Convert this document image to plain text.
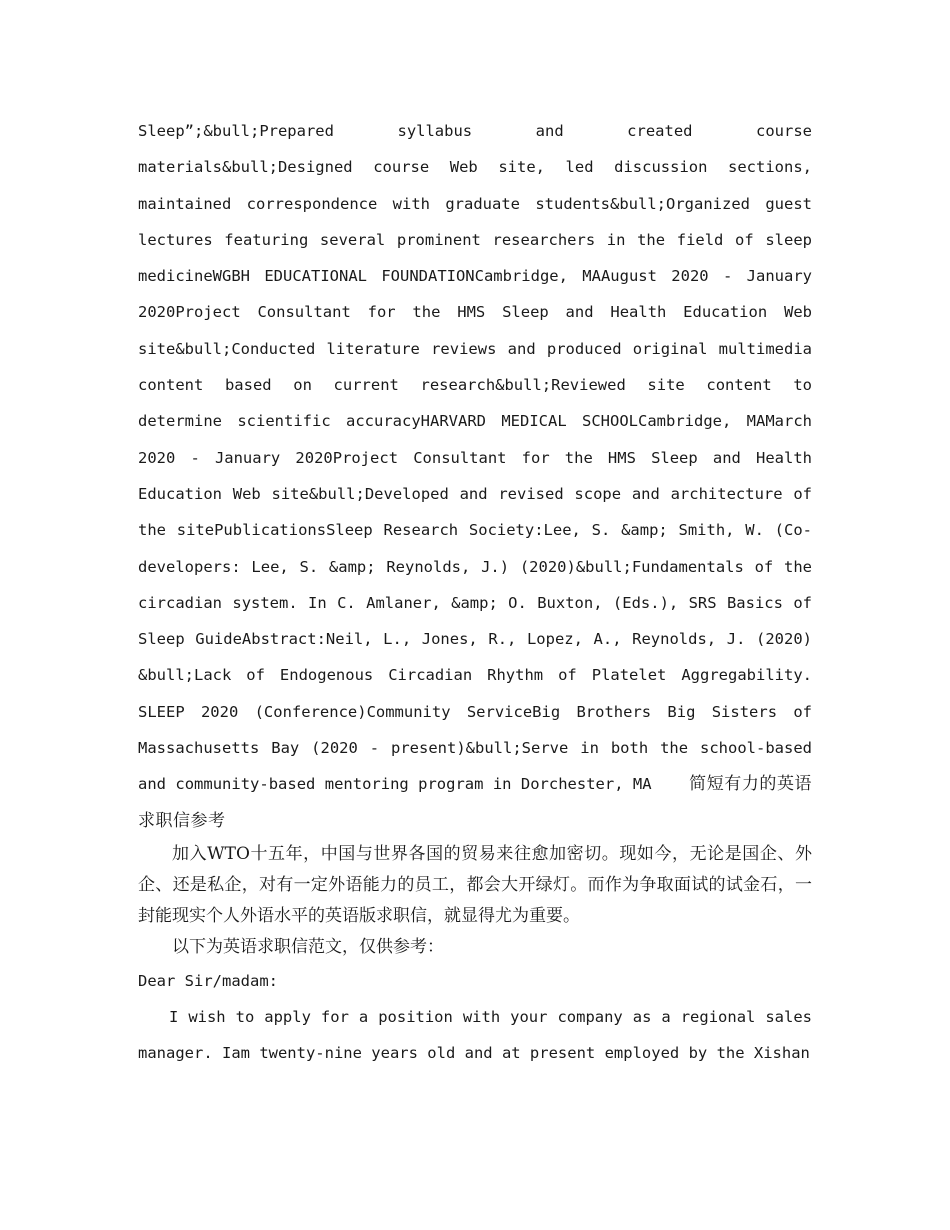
Sleep”;&bull;Prepared syllabus and created course materials&bull;Designed course Web site, led discussion sections, maintained correspondence with graduate students&bull;Organized guest lectures featuring several prominent researchers in the field of sleep medicineWGBH EDUCATIONAL FOUNDATIONCambridge, MAAugust 2020 - January 2020Project Consultant for the HMS Sleep and Health Education Web site&bull;Conducted literature reviews and produced original multimedia content based on current research&bull;Reviewed site content to determine scientific accuracyHARVARD MEDICAL SCHOOLCambridge, MAMarch 2020 - January 2020Project Consultant for the HMS Sleep and Health Education Web site&bull;Developed and revised scope and architecture of the sitePublicationsSleep Research Society:Lee, S. &amp; Smith, W. (Co-developers: Lee, S. &amp; Reynolds, J.) (2020)&bull;Fundamentals of the circadian system. In C. Amlaner, &amp; O. Buxton, (Eds.), SRS Basics of Sleep GuideAbstract:Neil, L., Jones, R., Lopez, A., Reynolds, J. (2020) &bull;Lack of Endogenous Circadian Rhythm of Platelet Aggregability. SLEEP 2020 (Conference)Community ServiceBig Brothers Big Sisters of Massachusetts Bay (2020 - present)&bull;Serve in both the school-based and community-based mentoring program in Dorchester, MA 简短有力的英语求职信参考

加入WTO十五年，中国与世界各国的贸易来往愈加密切。现如今，无论是国企、外企、还是私企，对有一定外语能力的员工，都会大开绿灯。而作为争取面试的试金石，一封能现实个人外语水平的英语版求职信，就显得尤为重要。

以下为英语求职信范文，仅供参考：

Dear Sir/madam:

I wish to apply for a position with your company as a regional sales manager. Iam twenty-nine years old and at present employed by the Xishan
